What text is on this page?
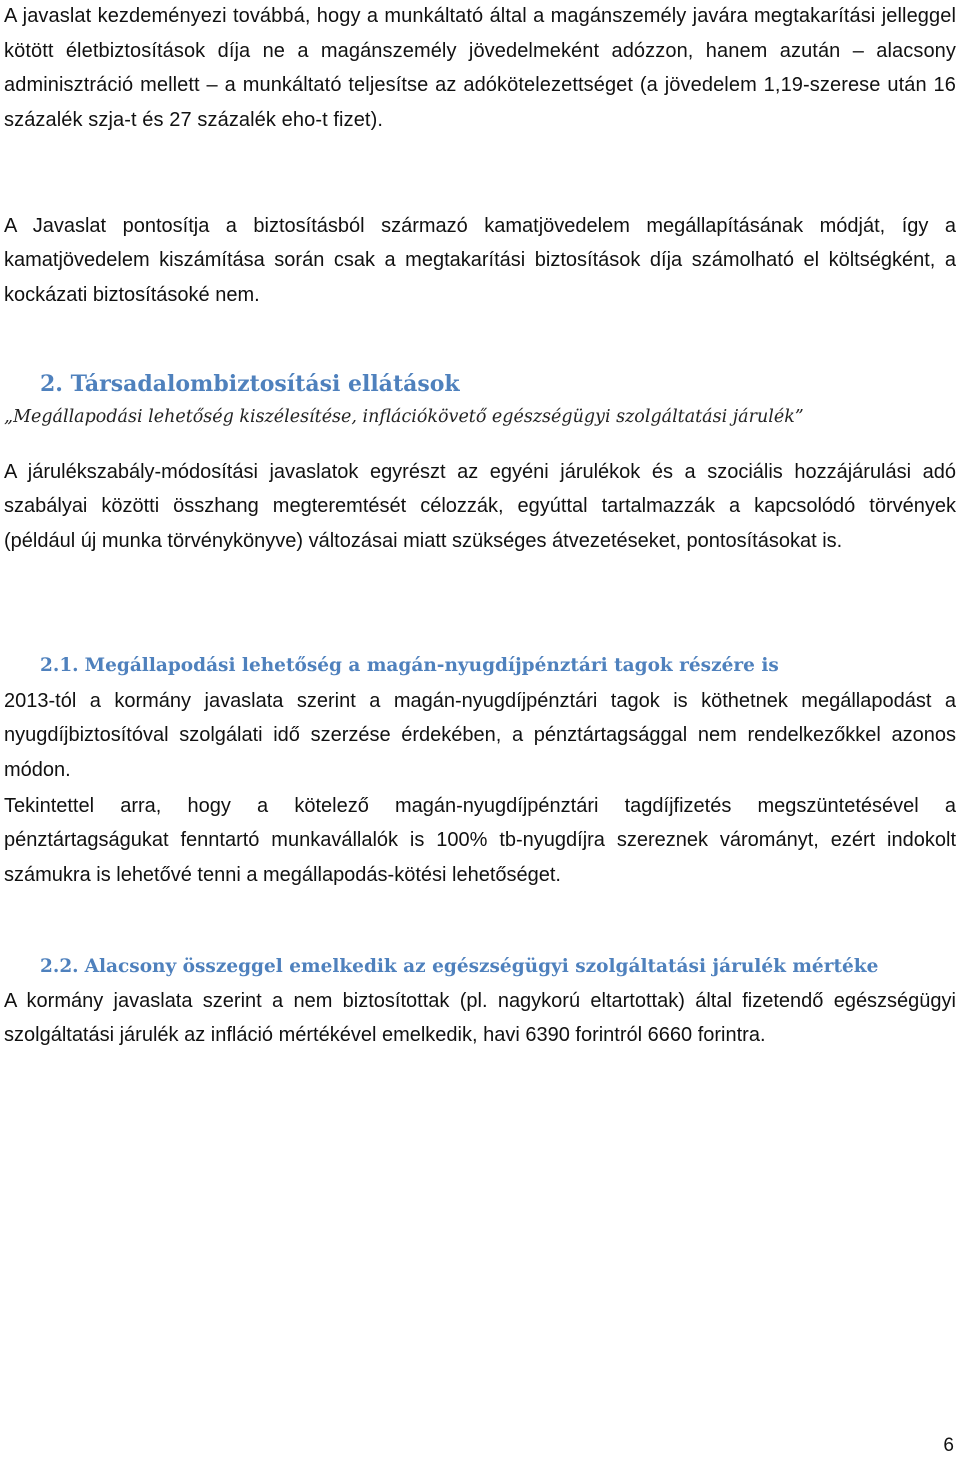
A javaslat kezdeményezi továbbá, hogy a munkáltató által a magánszemély javára megtakarítási jelleggel kötött életbiztosítások díja ne a magánszemély jövedelmeként adózzon, hanem azután – alacsony adminisztráció mellett – a munkáltató teljesítse az adókötelezettséget (a jövedelem 1,19-szerese után 16 százalék szja-t és 27 százalék eho-t fizet).

A Javaslat pontosítja a biztosításból származó kamatjövedelem megállapításának módját, így a kamatjövedelem kiszámítása során csak a megtakarítási biztosítások díja számolható el költségként, a kockázati biztosításoké nem.

2. Társadalombiztosítási ellátások

„Megállapodási lehetőség kiszélesítése, inflációkövető egészségügyi szolgáltatási járulék”

A járulékszabály-módosítási javaslatok egyrészt az egyéni járulékok és a szociális hozzájárulási adó szabályai közötti összhang megteremtését célozzák, egyúttal tartalmazzák a kapcsolódó törvények (például új munka törvénykönyve) változásai miatt szükséges átvezetéseket, pontosításokat is.

2.1. Megállapodási lehetőség a magán-nyugdíjpénztári tagok részére is

2013-tól a kormány javaslata szerint a magán-nyugdíjpénztári tagok is köthetnek megállapodást a nyugdíjbiztosítóval szolgálati idő szerzése érdekében, a pénztártagsággal nem rendelkezőkkel azonos módon.

Tekintettel arra, hogy a kötelező magán-nyugdíjpénztári tagdíjfizetés megszüntetésével a pénztártagságukat fenntartó munkavállalók is 100% tb-nyugdíjra szereznek várományt, ezért indokolt számukra is lehetővé tenni a megállapodás-kötési lehetőséget.

2.2. Alacsony összeggel emelkedik az egészségügyi szolgáltatási járulék mértéke

A kormány javaslata szerint a nem biztosítottak (pl. nagykorú eltartottak) által fizetendő egészségügyi szolgáltatási járulék az infláció mértékével emelkedik, havi 6390 forintról 6660 forintra.

6
